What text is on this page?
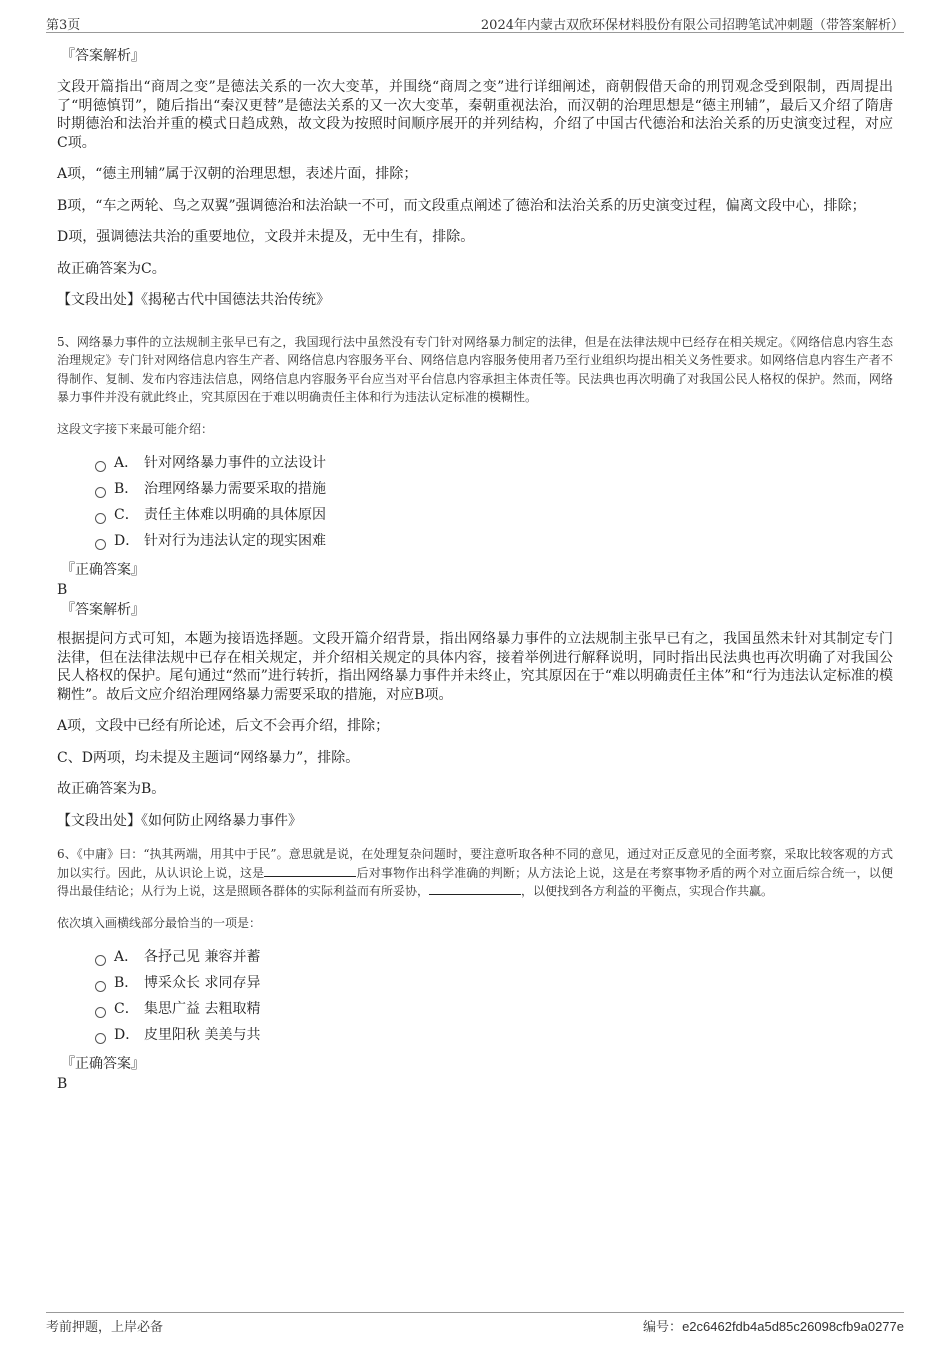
第3页	2024年内蒙古双欣环保材料股份有限公司招聘笔试冲刺题（带答案解析）
『答案解析』

文段开篇指出“商周之变”是德法关系的一次大变革，并围绕“商周之变”进行详细阐述，商朝假借天命的刑罚观念受到限制，西周提出了“明德慎罚”，随后指出“秦汉更替”是德法关系的又一次大变革，秦朝重视法治，而汉朝的治理思想是“德主刑辅”，最后又介绍了隋唐时期德治和法治并重的模式日趋成熟，故文段为按照时间顺序展开的并列结构，介绍了中国古代德治和法治关系的历史演变过程，对应C项。

A项，“德主刑辅”属于汉朝的治理思想，表述片面，排除；

B项，“车之两轮、鸟之双翼”强调德治和法治缺一不可，而文段重点阐述了德治和法治关系的历史演变过程，偏离文段中心，排除；

D项，强调德法共治的重要地位，文段并未提及，无中生有，排除。

故正确答案为C。

【文段出处】《揭秘古代中国德法共治传统》

5、网络暴力事件的立法规制主张早已有之，我国现行法中虽然没有专门针对网络暴力制定的法律，但是在法律法规中已经存在相关规定。《网络信息内容生态治理规定》专门针对网络信息内容生产者、网络信息内容服务平台、网络信息内容服务使用者乃至行业组织均提出相关义务性要求。如网络信息内容生产者不得制作、复制、发布内容违法信息，网络信息内容服务平台应当对平台信息内容承担主体责任等。民法典也再次明确了对我国公民人格权的保护。然而，网络暴力事件并没有就此终止，究其原因在于难以明确责任主体和行为违法认定标准的模糊性。

这段文字接下来最可能介绍：

A． 针对网络暴力事件的立法设计
B． 治理网络暴力需要采取的措施
C． 责任主体难以明确的具体原因
D． 针对行为违法认定的现实困难
『正确答案』
B
『答案解析』

根据提问方式可知，本题为接语选择题。文段开篇介绍背景，指出网络暴力事件的立法规制主张早已有之，我国虽然未针对其制定专门法律，但在法律法规中已存在相关规定，并介绍相关规定的具体内容，接着举例进行解释说明，同时指出民法典也再次明确了对我国公民人格权的保护。尾句通过“然而”进行转折，指出网络暴力事件并未终止，究其原因在于“难以明确责任主体”和“行为违法认定标准的模糊性”。故后文应介绍治理网络暴力需要采取的措施，对应B项。

A项，文段中已经有所论述，后文不会再介绍，排除；

C、D两项，均未提及主题词“网络暴力”，排除。

故正确答案为B。

【文段出处】《如何防止网络暴力事件》

6、《中庸》曰：“执其两端，用其中于民”。意思就是说，在处理复杂问题时，要注意听取各种不同的意见，通过对正反意见的全面考察，采取比较客观的方式加以实行。因此，从认识论上说，这是	后对事物作出科学准确的判断；从方法论上说，这是在考察事物矛盾的两个对立面后综合统一，以便得出最佳结论；从行为上说，这是照顾各群体的实际利益而有所妥协，	，以便找到各方利益的平衡点，实现合作共赢。

依次填入画横线部分最恰当的一项是：

A． 各抒己见 兼容并蓄
B． 博采众长 求同存异
C． 集思广益 去粗取精
D． 皮里阳秋 美美与共
『正确答案』
B
考前押题，上岸必备	编号：e2c6462fdb4a5d85c26098cfb9a0277e
